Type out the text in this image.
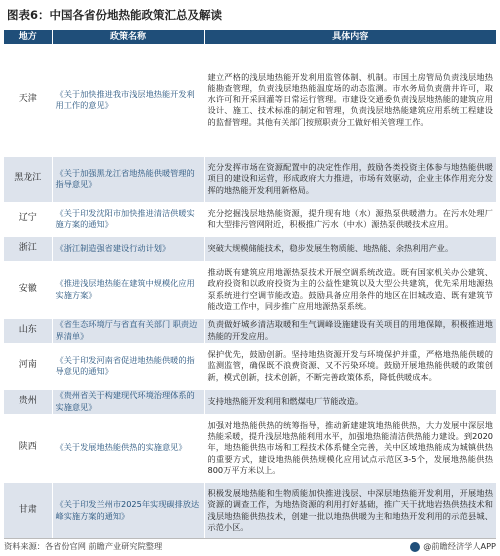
图表6：中国各省份地热能政策汇总及解读
地方	政策名称	具体内容
天津	《关于加快推进我市浅层地热能开发利用工作的意见》	建立严格的浅层地热能开发利用监管体制、机制。市国土房管局负责浅层地热能勘查管理，负责浅层地热能温度场的动态监测。市水务局负责凿井许可，取水许可和开采回灌等日常运行管理。市建设交通委负责浅层地热能的建筑应用设计、施工、技术标准的制定和管理，负责浅层地热能建筑应用系统工程建设的监督管理。其他有关部门按照职责分工做好相关管理工作。
黑龙江	《关于加强黑龙江省地热能供暖管理的指导意见》	充分发挥市场在资源配置中的决定性作用，鼓励各类投资主体参与地热能供暖项目的建设和运营，形成政府大力推进，市场有效驱动，企业主体作用充分发挥的地热能开发利用新格局。
辽宁	《关于印发沈阳市加快推进清洁供暖实施方案的通知》	充分挖掘浅层地热能资源，提升现有地（水）源热泵供暖潜力。在污水处理厂和大型排污管网附近，积极推广污水（中水）源热泵供暖技术应用。
浙江	《浙江制造强省建设行动计划》	突破大规模储能技术，稳步发展生物质能、地热能、余热利用产业。
安徽	《推进浅层地热能在建筑中规模化应用实施方案》	推动既有建筑应用地源热泵技术开展空调系统改造。既有国家机关办公建筑、政府投资和以政府投资为主的公益性建筑以及大型公共建筑，优先采用地源热泵系统进行空调节能改造。鼓励具备应用条件的地区在旧城改造、既有建筑节能改造工作中，同步推广应用地源热泵系统。
山东	《省生态环境厅与省直有关部门 职责边界清单》	负责做好城乡清洁取暖和生气调峰设施建设有关项目的用地保障，积极推进地热能的开发应用。
河南	《关于印发河南省促进地热能供暖的指导意见的通知》	保护优先，鼓励创新。坚持地热资源开发与环境保护并重，严格地热能供暖的监测监管，确保既不浪费资源、又不污染环境。鼓励开展地热能供暖的政策创新，模式创新，技术创新，不断完善政策体系，降低供暖成本。
贵州	《贵州省关于构建现代环境治理体系的实施意见》	支持地热能开发利用和燃煤电厂节能改造。
陕西	《关于发展地热能供热的实施意见》	加强对地热能供热的统筹指导，推动新建建筑地热能供热，大力发展中深层地热能采暖，提升浅层地热能利用水平，加强地热能清洁供热能力建设。到2020年，地热能供热市场和工程技术体系健全完善，关中区域地热能成为城镇供热的重要方式，建设地热能供热规模化应用试点示范区3-5个，发展地热能供热800万平方米以上。
甘肃	《关于印发兰州市2025年实现碳排放达峰实施方案的通知》	积极发展地热能和生物质能加快推进浅层、中深层地热能开发利用，开展地热资源的调查工作，为地热资源的利用打好基础，推广天干扰地岩热供热技术和浅层地热能供热技术，创建一批以地热供暖为主和地热开发利用的示范县城、示范小区。
资料来源：各省份官网 前瞻产业研究院整理	@前瞻经济学人APP
